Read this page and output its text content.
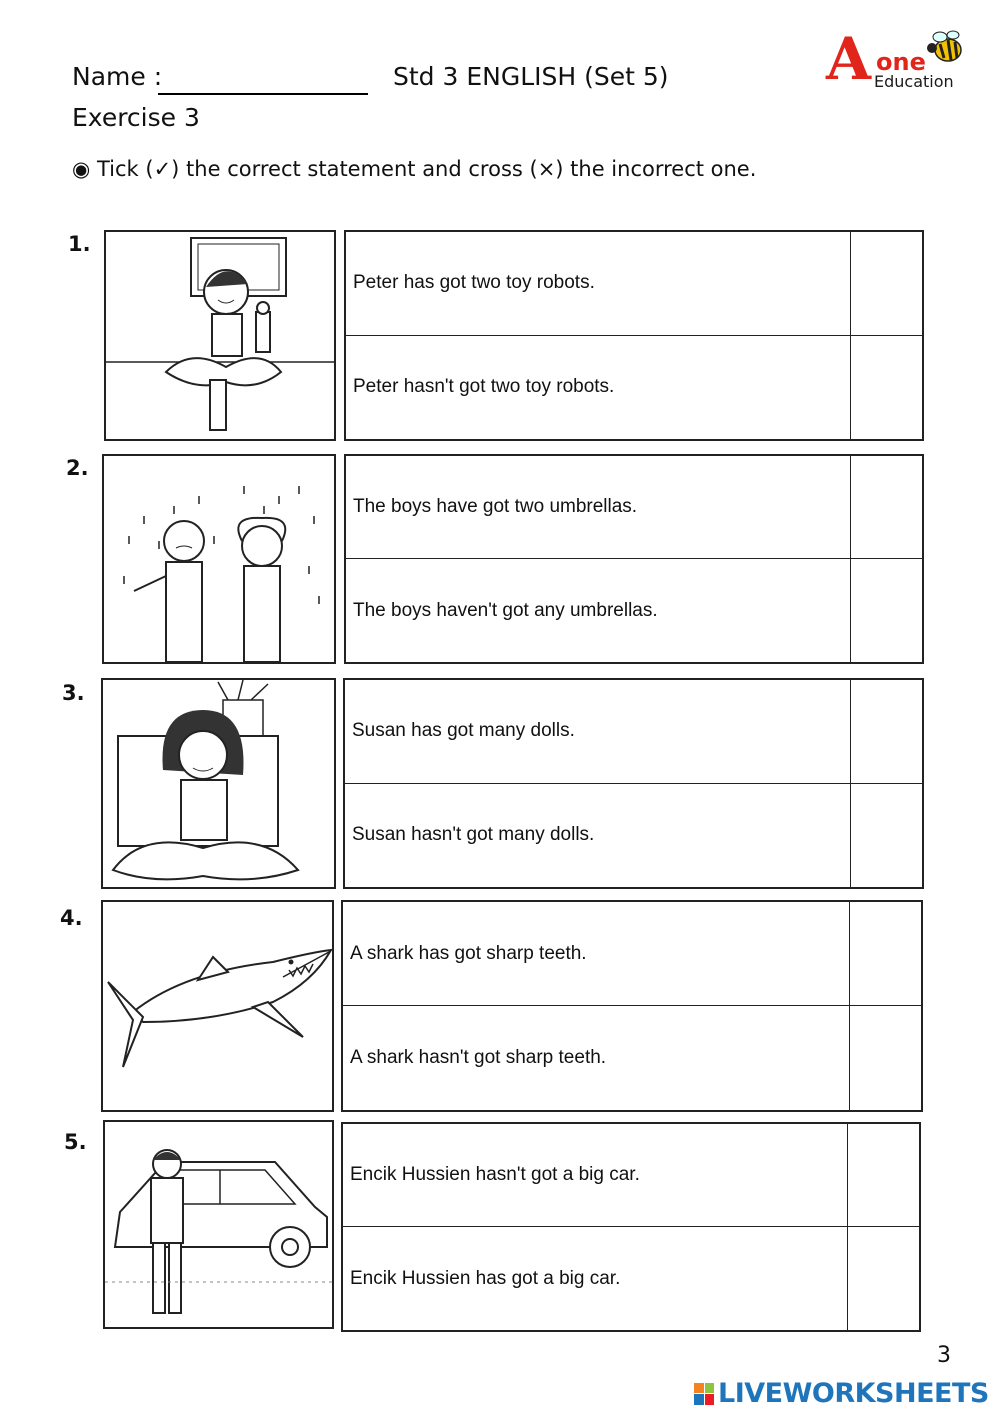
Name :	Std 3 ENGLISH (Set 5)
Exercise 3
◉ Tick (✓) the correct statement and cross (×) the incorrect one.
A one
Education
1.
Peter has got two toy robots.
Peter hasn't got two toy robots.
2.
The boys have got two umbrellas.
The boys haven't got any umbrellas.
3.
Susan has got many dolls.
Susan hasn't got many dolls.
4.
A shark has got sharp teeth.
A shark hasn't got sharp teeth.
5.
Encik Hussien hasn't got a big car.
Encik Hussien has got a big car.
3
LIVEWORKSHEETS
